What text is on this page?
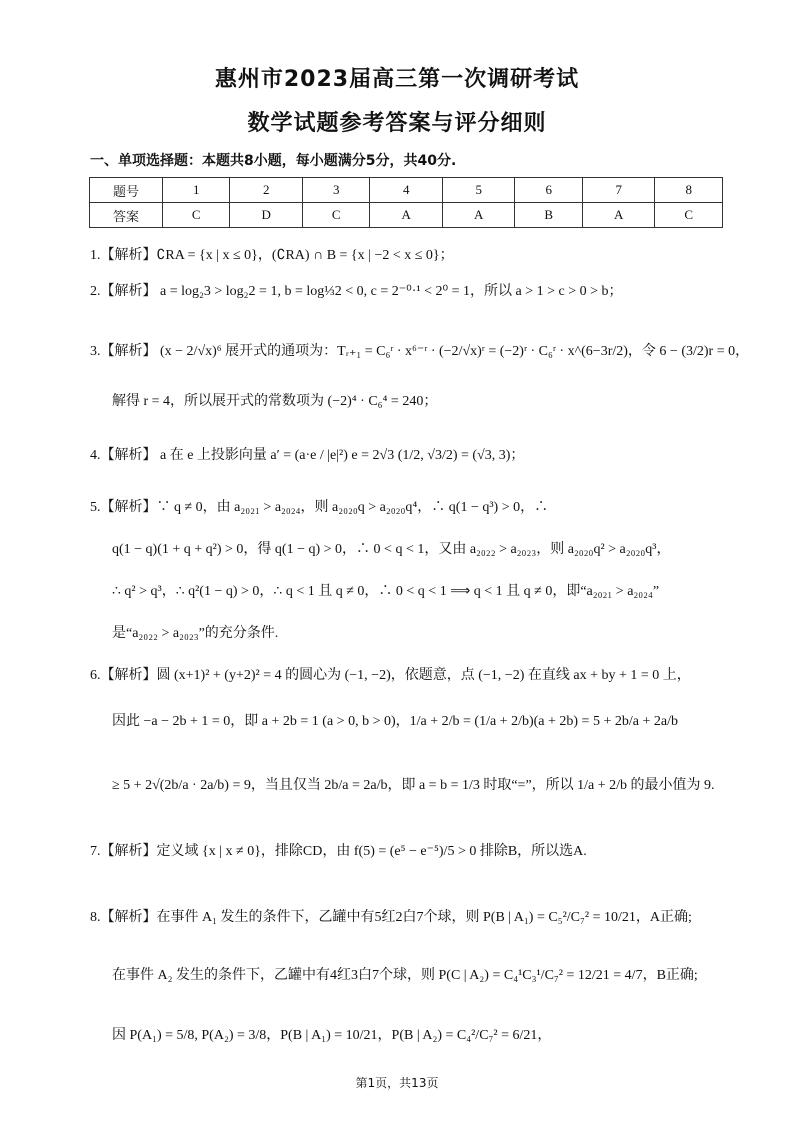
惠州市2023届高三第一次调研考试
数学试题参考答案与评分细则
一、单项选择题：本题共8小题，每小题满分5分，共40分.
题号	1	2	3	4	5	6	7	8
答案	C	D	C	A	A	B	A	C
1.【解析】∁RA = {x | x ≤ 0}，(∁RA) ∩ B = {x | −2 < x ≤ 0}；
2.【解析】 a = log₂3 > log₂2 = 1, b = log⅓2 < 0, c = 2⁻⁰·¹ < 2⁰ = 1，所以 a > 1 > c > 0 > b；
3.【解析】 (x − 2/√x)⁶ 展开式的通项为：Tᵣ₊₁ = C₆ʳ · x⁶⁻ʳ · (−2/√x)ʳ = (−2)ʳ · C₆ʳ · x^(6−3r/2)，令 6 − (3/2)r = 0，
解得 r = 4，所以展开式的常数项为 (−2)⁴ · C₆⁴ = 240；
4.【解析】 a 在 e 上投影向量 a′ = (a·e / |e|²) e = 2√3 (1/2, √3/2) = (√3, 3)；
5.【解析】∵ q ≠ 0，由 a₂₀₂₁ > a₂₀₂₄，则 a₂₀₂₀q > a₂₀₂₀q⁴，∴ q(1 − q³) > 0，∴
q(1 − q)(1 + q + q²) > 0，得 q(1 − q) > 0，∴ 0 < q < 1，又由 a₂₀₂₂ > a₂₀₂₃，则 a₂₀₂₀q² > a₂₀₂₀q³，
∴ q² > q³，∴ q²(1 − q) > 0，∴ q < 1 且 q ≠ 0，∴ 0 < q < 1 ⟹ q < 1 且 q ≠ 0，即“a₂₀₂₁ > a₂₀₂₄”
是“a₂₀₂₂ > a₂₀₂₃”的充分条件.
6.【解析】圆 (x+1)² + (y+2)² = 4 的圆心为 (−1, −2)，依题意，点 (−1, −2) 在直线 ax + by + 1 = 0 上，
因此 −a − 2b + 1 = 0，即 a + 2b = 1 (a > 0, b > 0)，1/a + 2/b = (1/a + 2/b)(a + 2b) = 5 + 2b/a + 2a/b
≥ 5 + 2√(2b/a · 2a/b) = 9，当且仅当 2b/a = 2a/b，即 a = b = 1/3 时取“=”，所以 1/a + 2/b 的最小值为 9.
7.【解析】定义域 {x | x ≠ 0}，排除CD，由 f(5) = (e⁵ − e⁻⁵)/5 > 0 排除B，所以选A.
8.【解析】在事件 A₁ 发生的条件下，乙罐中有5红2白7个球，则 P(B | A₁) = C₅²/C₇² = 10/21，A正确;
在事件 A₂ 发生的条件下，乙罐中有4红3白7个球，则 P(C | A₂) = C₄¹C₃¹/C₇² = 12/21 = 4/7，B正确;
因 P(A₁) = 5/8, P(A₂) = 3/8，P(B | A₁) = 10/21，P(B | A₂) = C₄²/C₇² = 6/21，
第1页，共13页
